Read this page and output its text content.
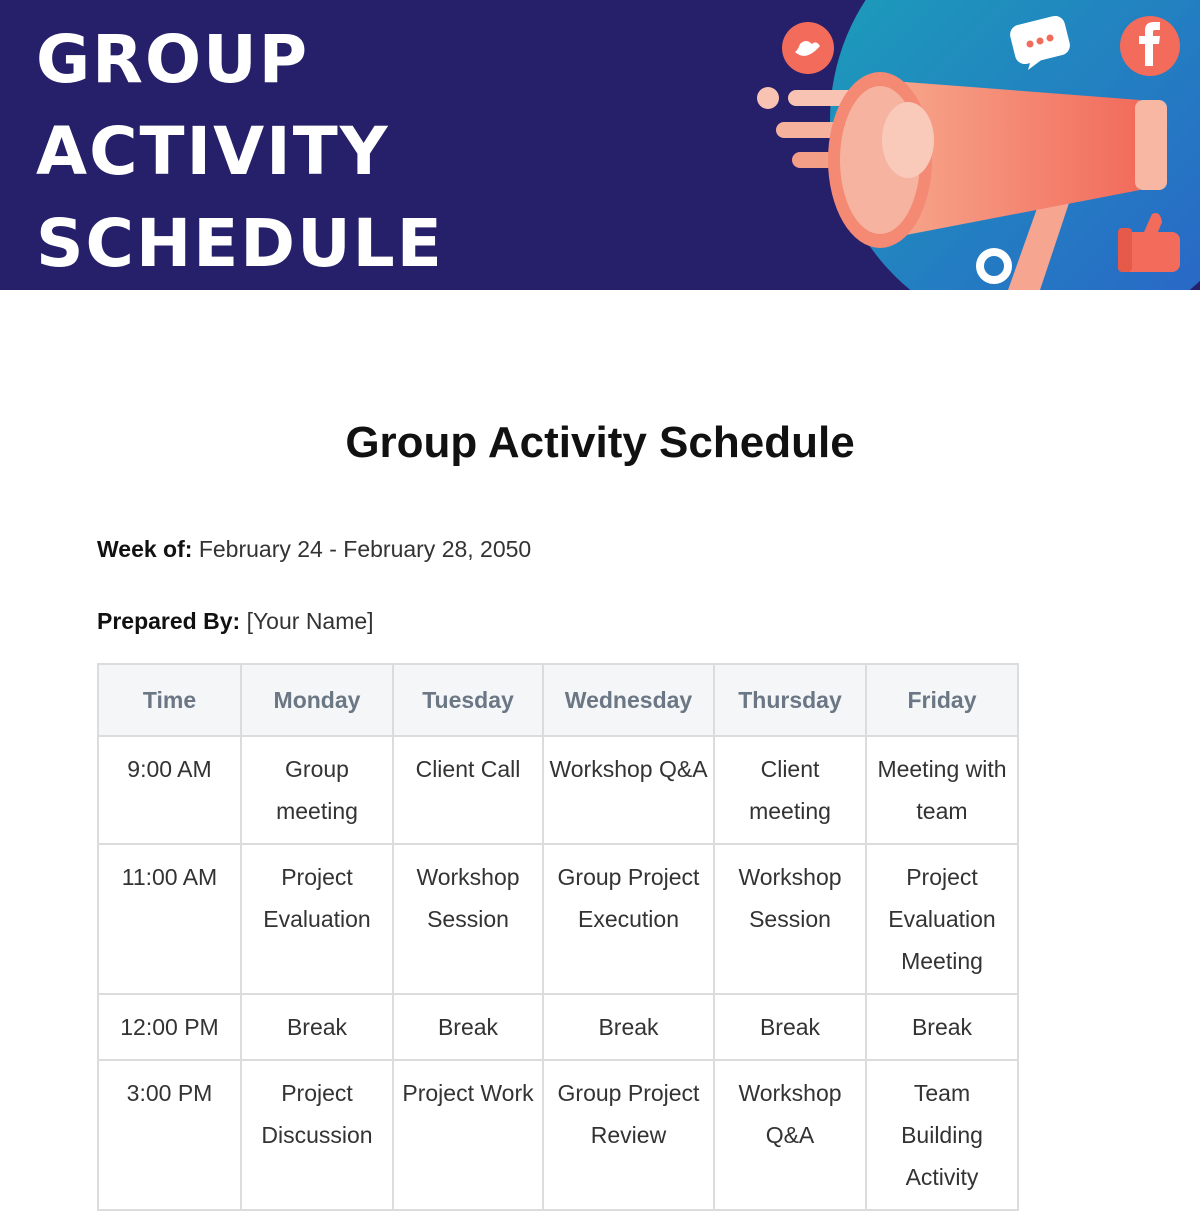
GROUP
ACTIVITY
SCHEDULE
Group Activity Schedule
Week of: February 24 - February 28, 2050
Prepared By: [Your Name]
Time	Monday	Tuesday	Wednesday	Thursday	Friday
9:00 AM	Group meeting	Client Call	Workshop Q&A	Client meeting	Meeting with team
11:00 AM	Project Evaluation	Workshop Session	Group Project Execution	Workshop Session	Project Evaluation Meeting
12:00 PM	Break	Break	Break	Break	Break
3:00 PM	Project Discussion	Project Work	Group Project Review	Workshop Q&A	Team Building Activity
